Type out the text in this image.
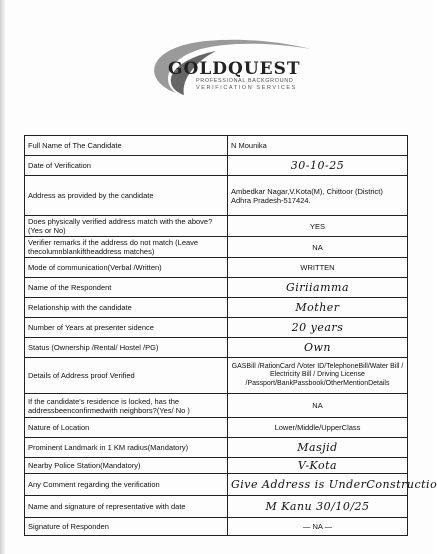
GOLDQUEST
PROFESSIONAL BACKGROUND
VERIFICATION SERVICES
Full Name of The Candidate	N Mounika
Date of Verification	30-10-25
Address as provided by the candidate	Ambedkar Nagar,V.Kota(M), Chittoor (District) Adhra Pradesh-517424.
Does physically verified address match with the above?(Yes or No)	YES
Verifier remarks if the address do not match (Leave thecolumnblankiftheaddress matches)	NA
Mode of communication(Verbal /Written)	WRITTEN
Name of the Respondent	Giriiamma
Relationship with the candidate	Mother
Number of Years at presenter sidence	20 years
Status (Ownership /Rental/ Hostel /PG)	Own
Details of Address proof Verified	GASBill /RationCard /Voter ID/TelephoneBill/Water Bill / Electricity Bill / Driving License /Passport/BankPassbook/OtherMentionDetails
If the candidate's residence is locked, has the addressbeenconfirmedwith neighbors?(Yes/ No )	NA
Nature of Location	Lower/Middle/UpperClass
Prominent Landmark in 1 KM radius(Mandatory)	Masjid
Nearby Police Station(Mandatory)	V-Kota
Any Comment regarding the verification	Give Address is UnderConstructio
Name and signature of representative with date	M Kanu 30/10/25
Signature of Responden	— NA —
